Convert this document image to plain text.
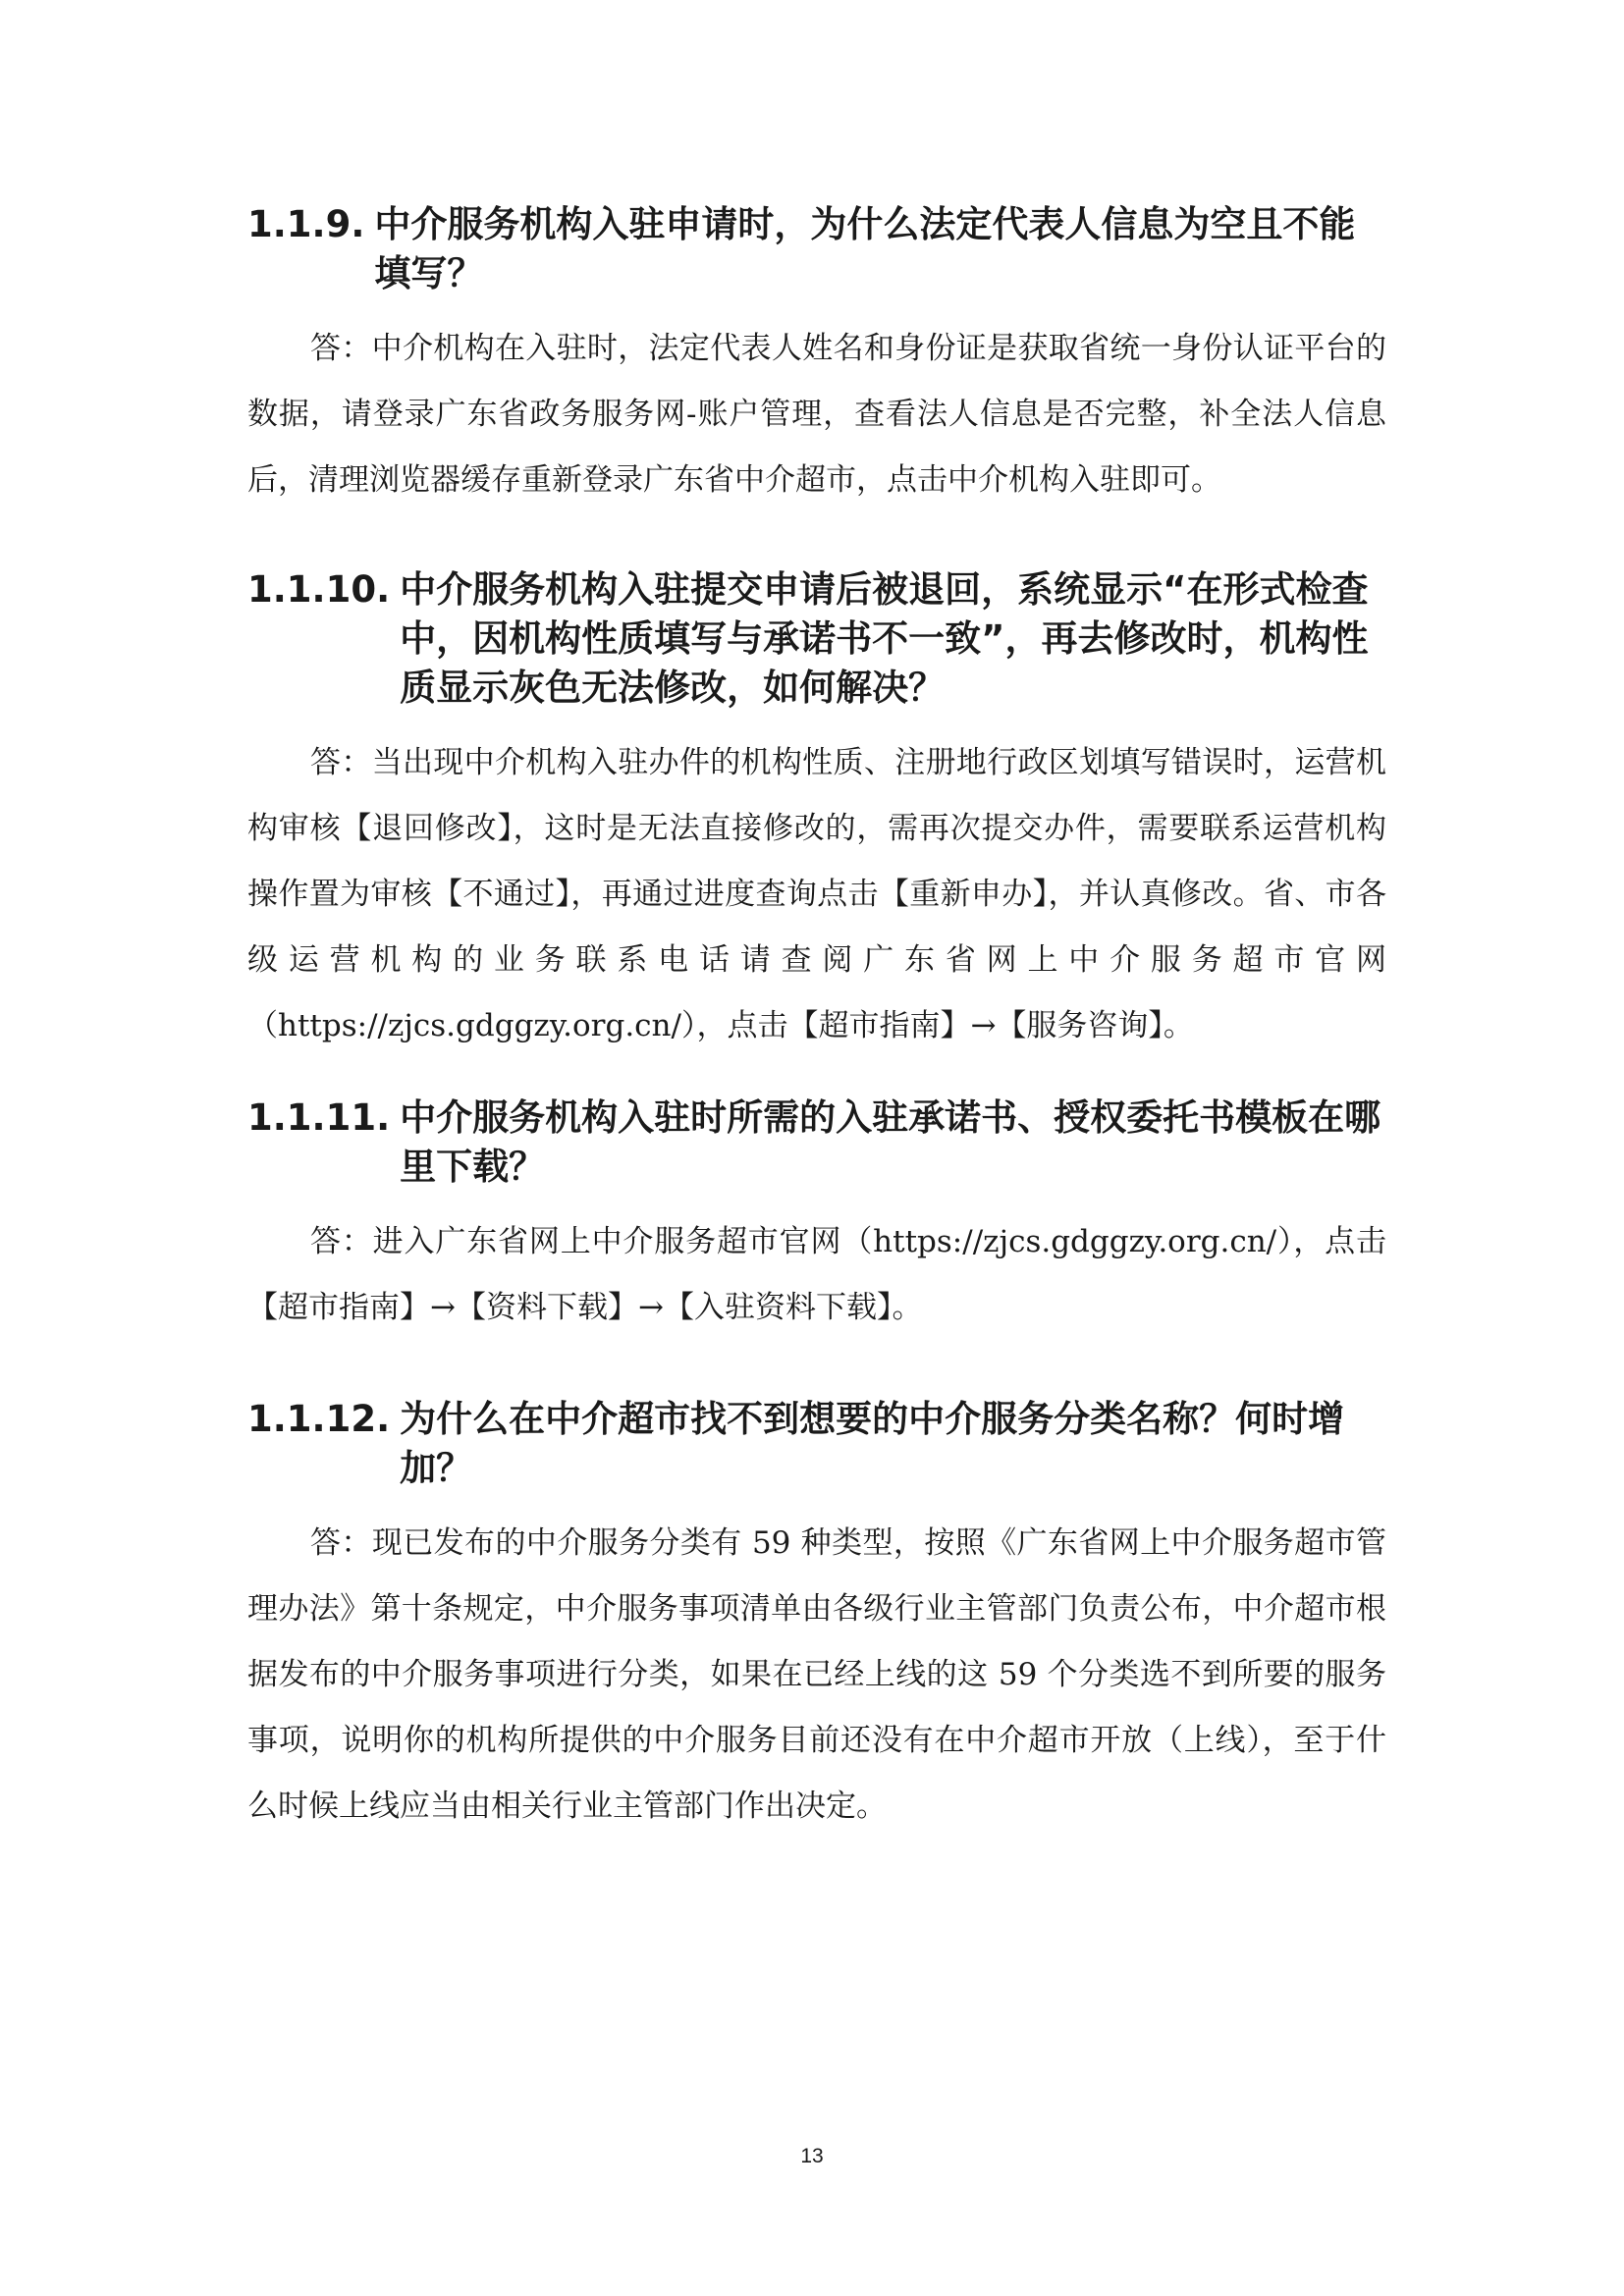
1.1.9. 中介服务机构入驻申请时，为什么法定代表人信息为空且不能填写？

答：中介机构在入驻时，法定代表人姓名和身份证是获取省统一身份认证平台的数据，请登录广东省政务服务网-账户管理，查看法人信息是否完整，补全法人信息后，清理浏览器缓存重新登录广东省中介超市，点击中介机构入驻即可。

1.1.10. 中介服务机构入驻提交申请后被退回，系统显示“在形式检查中，因机构性质填写与承诺书不一致”，再去修改时，机构性质显示灰色无法修改，如何解决？

答：当出现中介机构入驻办件的机构性质、注册地行政区划填写错误时，运营机构审核【退回修改】，这时是无法直接修改的，需再次提交办件，需要联系运营机构操作置为审核【不通过】，再通过进度查询点击【重新申办】，并认真修改。省、市各级运营机构的业务联系电话请查阅广东省网上中介服务超市官网（https://zjcs.gdggzy.org.cn/），点击【超市指南】→【服务咨询】。

1.1.11. 中介服务机构入驻时所需的入驻承诺书、授权委托书模板在哪里下载？

答：进入广东省网上中介服务超市官网（https://zjcs.gdggzy.org.cn/），点击【超市指南】→【资料下载】→【入驻资料下载】。

1.1.12. 为什么在中介超市找不到想要的中介服务分类名称？何时增加？

答：现已发布的中介服务分类有 59 种类型，按照《广东省网上中介服务超市管理办法》第十条规定，中介服务事项清单由各级行业主管部门负责公布，中介超市根据发布的中介服务事项进行分类，如果在已经上线的这 59 个分类选不到所要的服务事项，说明你的机构所提供的中介服务目前还没有在中介超市开放（上线），至于什么时候上线应当由相关行业主管部门作出决定。

13
